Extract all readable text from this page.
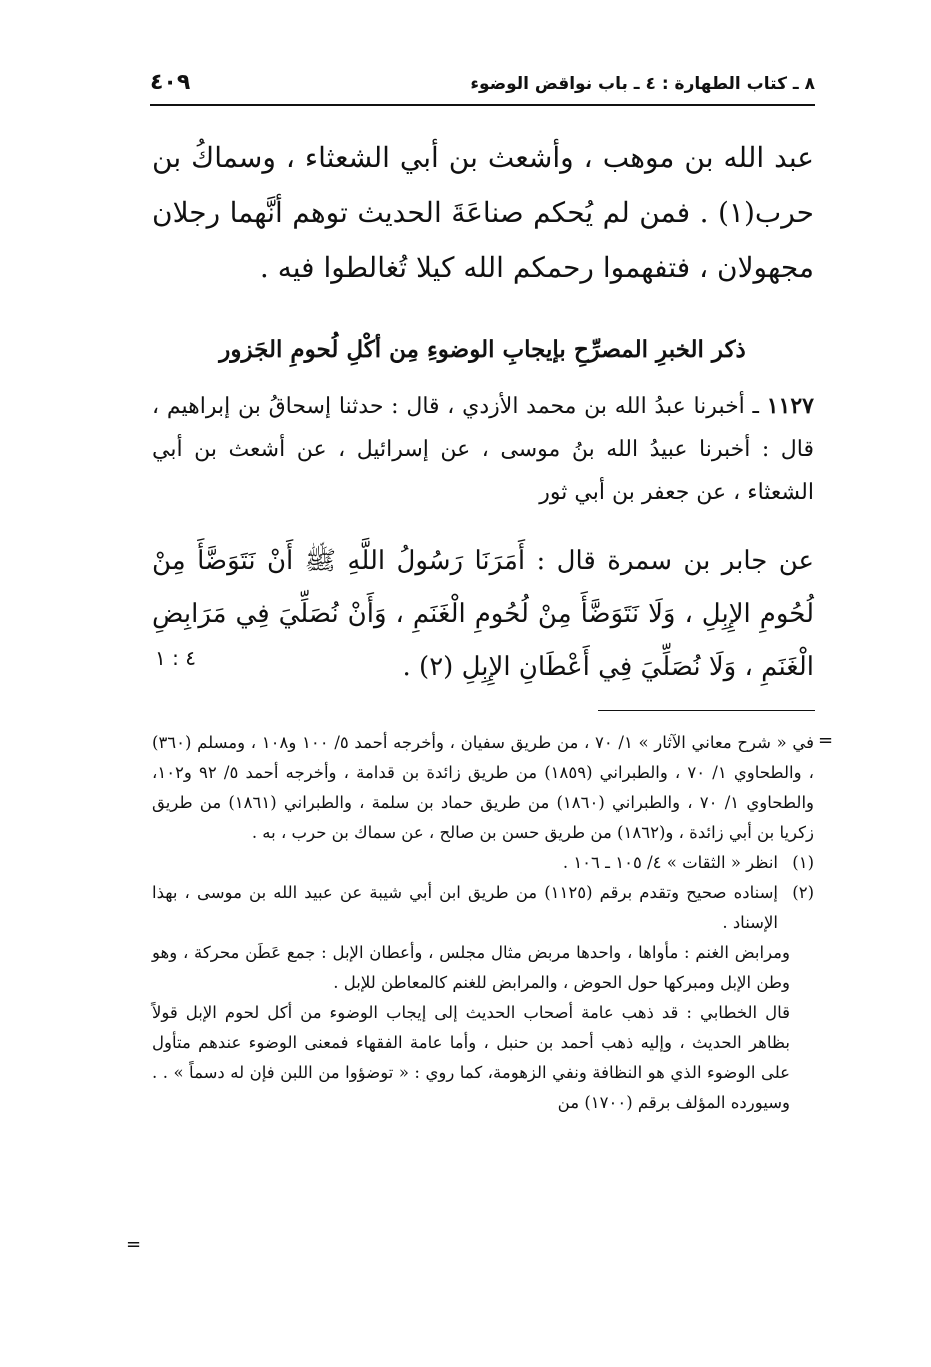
٨ ـ كتاب الطهارة : ٤ ـ باب نواقض الوضوء
٤٠٩

عبد الله بن موهب ، وأشعث بن أبي الشعثاء ، وسماكُ بن حرب(١) . فمن لم يُحكم صناعَةَ الحديث توهم أنَّهما رجلان مجهولان ، فتفهموا رحمكم الله كيلا تُغالطوا فيه .

ذكر الخبرِ المصرِّحِ بإيجابِ الوضوءِ مِن أكْلِ لُحومِ الجَزور

١١٢٧ ـ أخبرنا عبدُ الله بن محمد الأزدي ، قال : حدثنا إسحاقُ بن إبراهيم ، قال : أخبرنا عبيدُ الله بنُ موسى ، عن إسرائيل ، عن أشعث بن أبي الشعثاء ، عن جعفر بن أبي ثور

عن جابر بن سمرة قال : أَمَرَنَا رَسُولُ اللَّهِ ﷺ أَنْ نَتَوَضَّأَ مِنْ لُحُومِ الإِبِلِ ، وَلَا نَتَوَضَّأَ مِنْ لُحُومِ الْغَنَمِ ، وَأَنْ نُصَلِّيَ فِي مَرَابِضِ الْغَنَمِ ، وَلَا نُصَلِّيَ فِي أَعْطَانِ الإِبِلِ (٢) .

٤ : ١
=

في « شرح معاني الآثار » ١/ ٧٠ ، من طريق سفيان ، وأخرجه أحمد ٥/ ١٠٠ و١٠٨ ، ومسلم (٣٦٠) ، والطحاوي ١/ ٧٠ ، والطبراني (١٨٥٩) من طريق زائدة بن قدامة ، وأخرجه أحمد ٥/ ٩٢ و١٠٢، والطحاوي ١/ ٧٠ ، والطبراني (١٨٦٠) من طريق حماد بن سلمة ، والطبراني (١٨٦١) من طريق زكريا بن أبي زائدة ، و(١٨٦٢) من طريق حسن بن صالح ، عن سماك بن حرب ، به .

(١)
انظر « الثقات » ٤/ ١٠٥ ـ ١٠٦ .

(٢)
إسناده صحيح وتقدم برقم (١١٢٥) من طريق ابن أبي شيبة عن عبيد الله بن موسى ، بهذا الإسناد .

ومرابض الغنم : مأواها ، واحدها مربض مثال مجلس ، وأعطان الإبل : جمع عَطَن محركة ، وهو وطن الإبل ومبركها حول الحوض ، والمرابض للغنم كالمعاطن للإبل .

قال الخطابي : قد ذهب عامة أصحاب الحديث إلى إيجاب الوضوء من أكل لحوم الإبل قولاً بظاهر الحديث ، وإليه ذهب أحمد بن حنبل ، وأما عامة الفقهاء فمعنى الوضوء عندهم متأول على الوضوء الذي هو النظافة ونفي الزهومة، كما روي : « توضؤوا من اللبن فإن له دسماً » . . وسيورده المؤلف برقم (١٧٠٠) من

=
